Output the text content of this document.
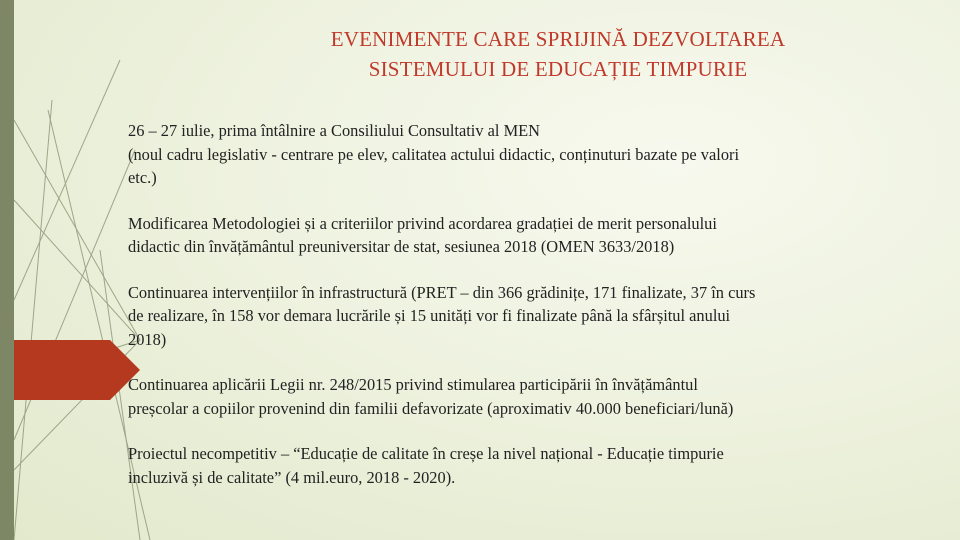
EVENIMENTE CARE SPRIJINĂ DEZVOLTAREA
SISTEMULUI DE EDUCAȚIE TIMPURIE

26 – 27 iulie, prima întâlnire a Consiliului Consultativ al MEN
(noul cadru legislativ - centrare pe elev, calitatea actului didactic, conținuturi bazate pe valori
etc.)

Modificarea Metodologiei și a criteriilor privind acordarea gradației de merit personalului
didactic din învățământul preuniversitar de stat, sesiunea 2018 (OMEN 3633/2018)

Continuarea intervențiilor în infrastructură (PRET – din 366 grădinițe, 171 finalizate, 37 în curs
de realizare, în 158 vor demara lucrările și 15 unități vor fi finalizate până la sfârșitul anului
2018)

Continuarea aplicării Legii nr. 248/2015 privind stimularea participării în învățământul
preșcolar a copiilor provenind din familii defavorizate (aproximativ 40.000 beneficiari/lună)

Proiectul necompetitiv – “Educație de calitate în creșe la nivel național - Educație timpurie
incluzivă și de calitate” (4 mil.euro, 2018 - 2020).
